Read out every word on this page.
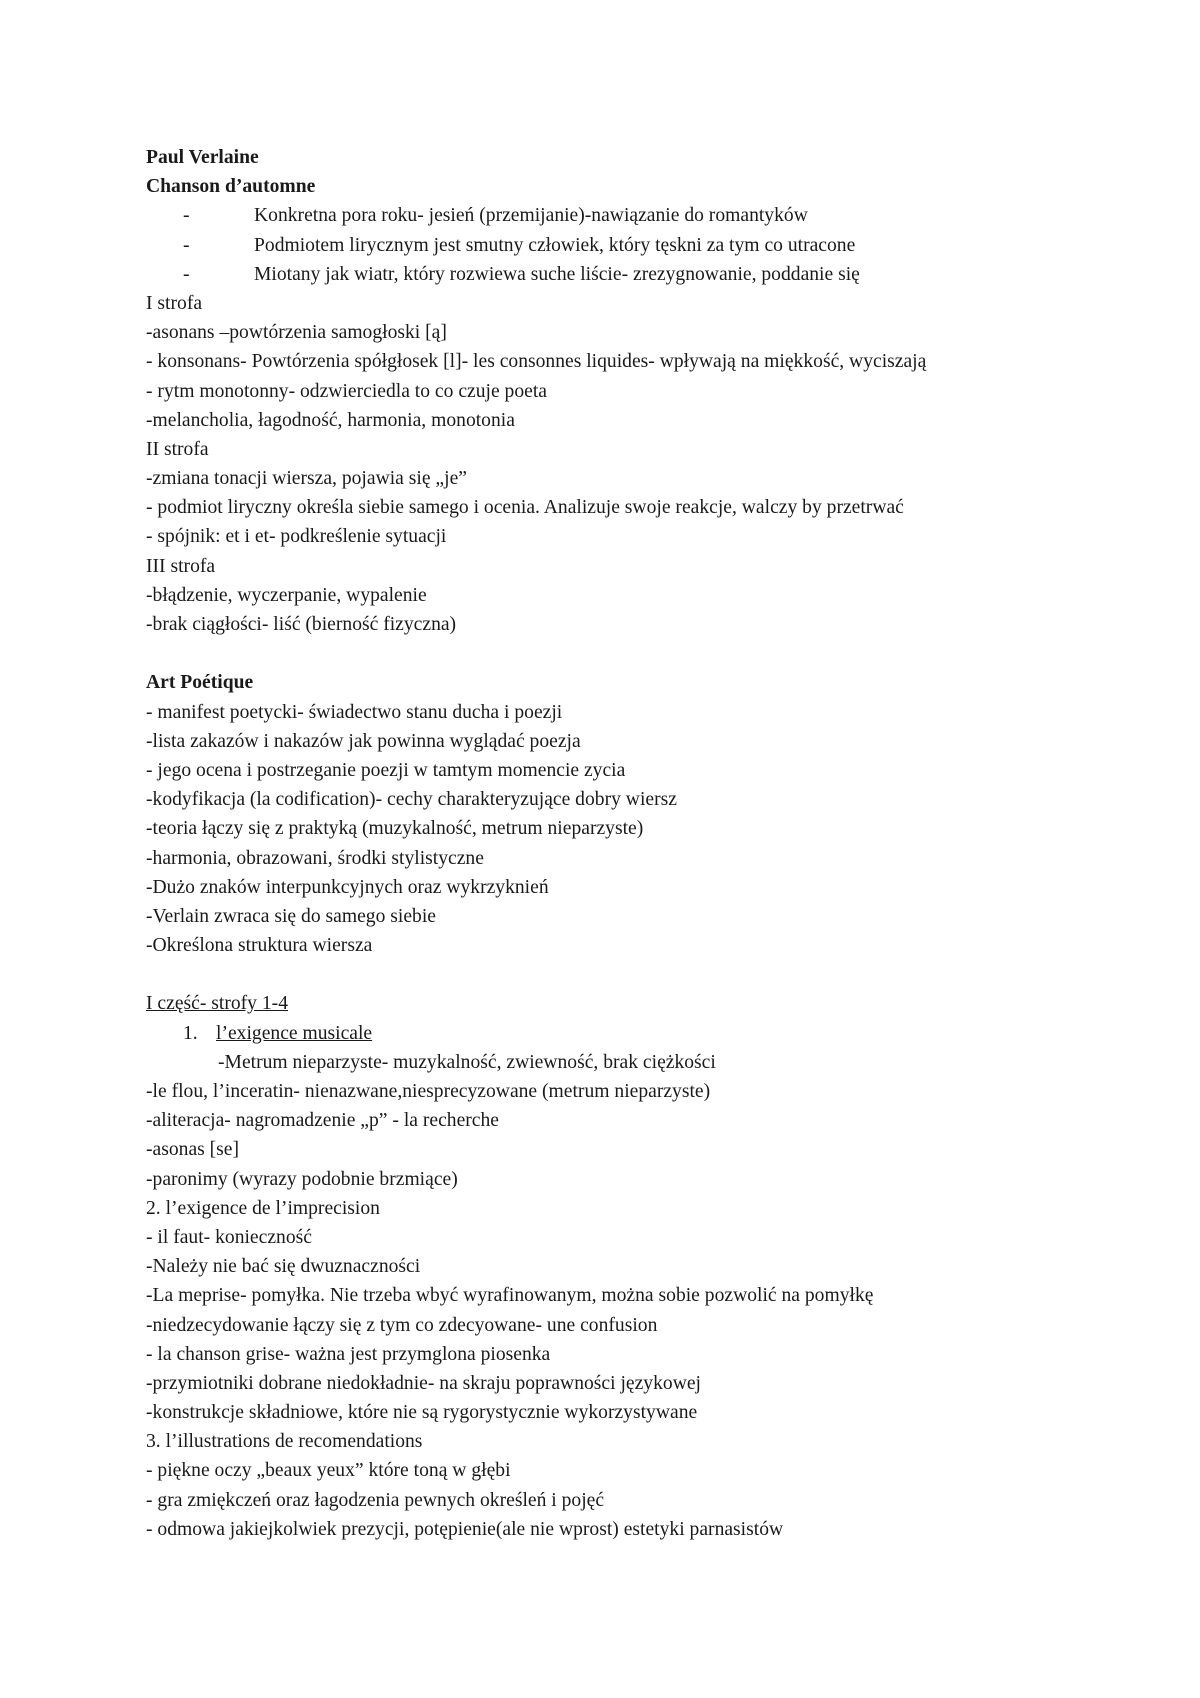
Paul Verlaine
Chanson d’automne
-	Konkretna pora roku- jesień (przemijanie)-nawiązanie do romantyków
-	Podmiotem lirycznym jest smutny człowiek, który tęskni za tym co utracone
-	Miotany jak wiatr, który rozwiewa suche liście- zrezygnowanie, poddanie się
I strofa
-asonans –powtórzenia samogłoski [ą]
- konsonans- Powtórzenia spółgłosek [l]- les consonnes liquides- wpływają na miękkość, wyciszają
- rytm monotonny- odzwierciedla to co czuje poeta
-melancholia, łagodność, harmonia, monotonia
II strofa
-zmiana tonacji wiersza, pojawia się „je”
- podmiot liryczny określa siebie samego i ocenia. Analizuje swoje reakcje, walczy by przetrwać
- spójnik: et i et- podkreślenie sytuacji
III strofa
-błądzenie, wyczerpanie, wypalenie
-brak ciągłości- liść (bierność fizyczna)
Art Poétique
- manifest poetycki- świadectwo stanu ducha i poezji
-lista zakazów i nakazów jak powinna wyglądać poezja
- jego ocena i postrzeganie poezji w tamtym momencie zycia
-kodyfikacja (la codification)- cechy charakteryzujące dobry wiersz
-teoria łączy się z praktyką (muzykalność, metrum nieparzyste)
-harmonia, obrazowani, środki stylistyczne
-Dużo znaków interpunkcyjnych oraz wykrzyknień
-Verlain zwraca się do samego siebie
-Określona struktura wiersza
I część- strofy 1-4
1. l’exigence musicale
-Metrum nieparzyste- muzykalność, zwiewność, brak ciężkości
-le flou, l’inceratin- nienazwane,niesprecyzowane (metrum nieparzyste)
-aliteracja- nagromadzenie „p” - la recherche
-asonas [se]
-paronimy (wyrazy podobnie brzmiące)
2. l’exigence de l’imprecision
- il faut- konieczność
-Należy nie bać się dwuznaczności
-La meprise- pomyłka. Nie trzeba wbyć wyrafinowanym, można sobie pozwolić na pomyłkę
-niedzecydowanie łączy się z tym co zdecyowane- une confusion
- la chanson grise- ważna jest przymglona piosenka
-przymiotniki dobrane niedokładnie- na skraju poprawności językowej
-konstrukcje składniowe, które nie są rygorystycznie wykorzystywane
3. l’illustrations de recomendations
- piękne oczy „beaux yeux” które toną w głębi
- gra zmiękczeń oraz łagodzenia pewnych określeń i pojęć
- odmowa jakiejkolwiek prezycji, potępienie(ale nie wprost) estetyki parnasistów
